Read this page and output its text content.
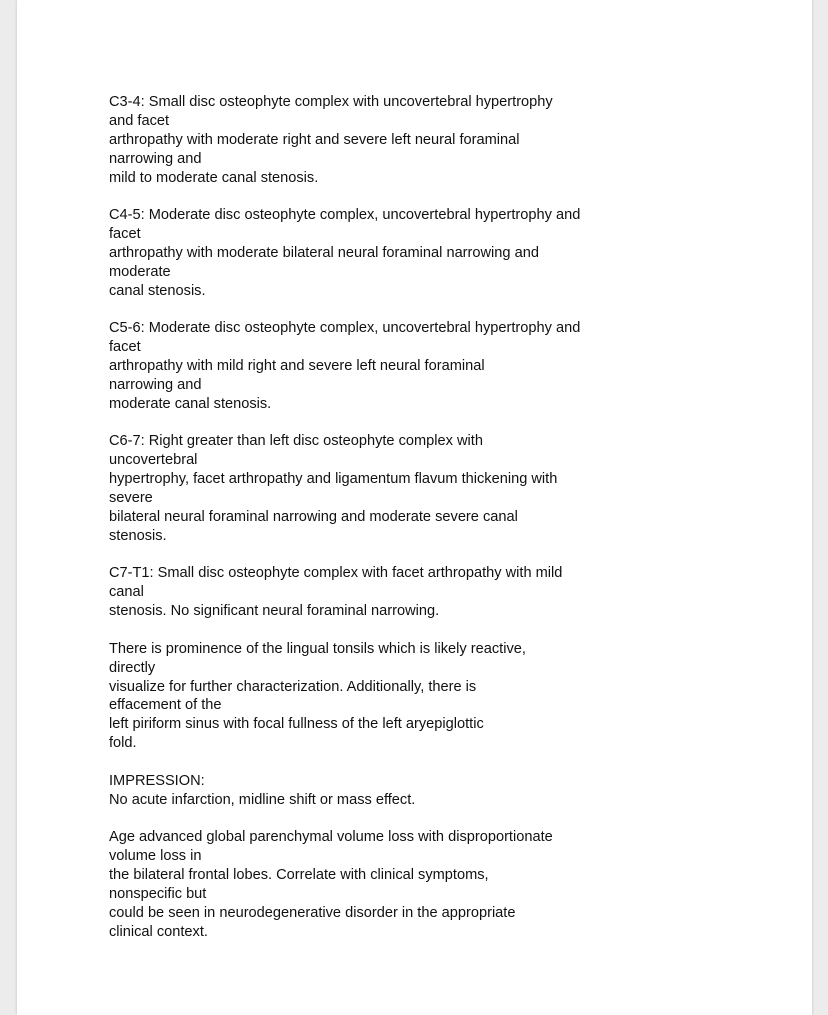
C3-4: Small disc osteophyte complex with uncovertebral hypertrophy
and facet
arthropathy with moderate right and severe left neural foraminal
narrowing and
mild to moderate canal stenosis.

C4-5: Moderate disc osteophyte complex, uncovertebral hypertrophy and
facet
arthropathy with moderate bilateral neural foraminal narrowing and
moderate
canal stenosis.

C5-6: Moderate disc osteophyte complex, uncovertebral hypertrophy and
facet
arthropathy with mild right and severe left neural foraminal
narrowing and
moderate canal stenosis.

C6-7: Right greater than left disc osteophyte complex with
uncovertebral
hypertrophy, facet arthropathy and ligamentum flavum thickening with
severe
bilateral neural foraminal narrowing and moderate severe canal
stenosis.

C7-T1: Small disc osteophyte complex with facet arthropathy with mild
canal
stenosis. No significant neural foraminal narrowing.

There is prominence of the lingual tonsils which is likely reactive,
directly
visualize for further characterization. Additionally, there is
effacement of the
left piriform sinus with focal fullness of the left aryepiglottic
fold.

IMPRESSION:
No acute infarction, midline shift or mass effect.

Age advanced global parenchymal volume loss with disproportionate
volume loss in
the bilateral frontal lobes. Correlate with clinical symptoms,
nonspecific but
could be seen in neurodegenerative disorder in the appropriate
clinical context.
